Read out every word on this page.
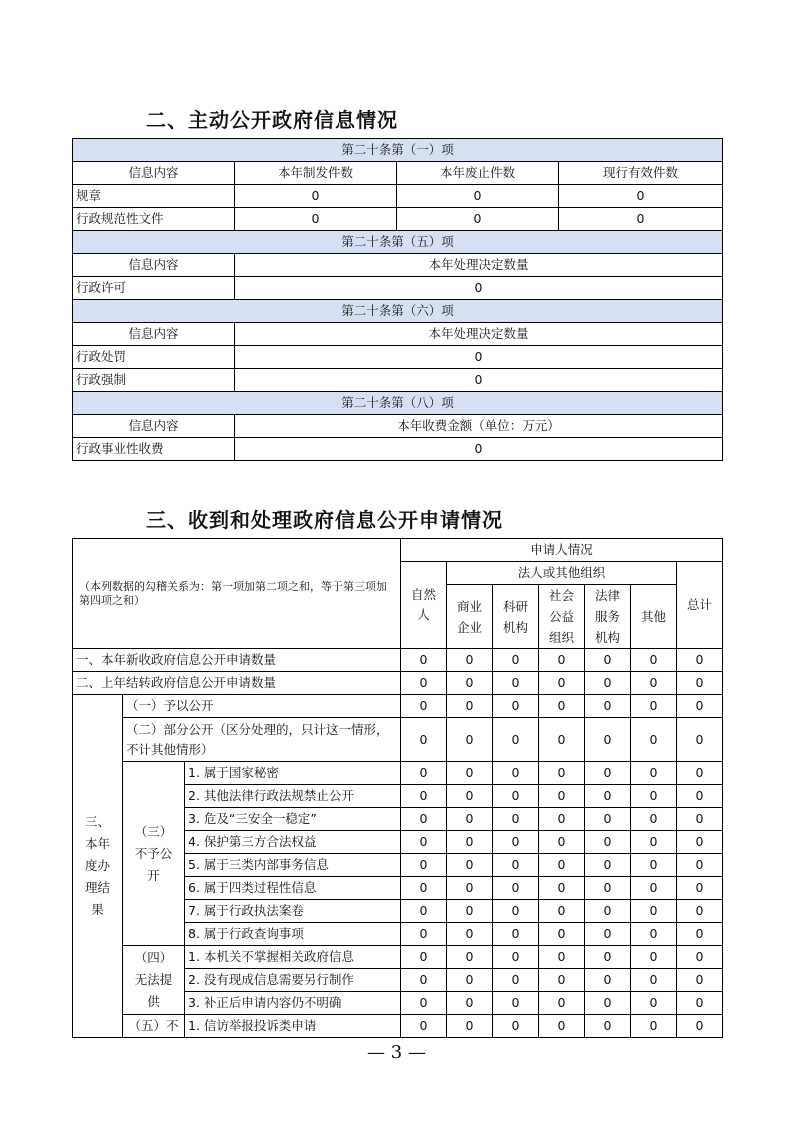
二、主动公开政府信息情况
第二十条第（一）项			
信息内容	本年制发件数	本年废止件数	现行有效件数
规章	0	0	0
行政规范性文件	0	0	0
第二十条第（五）项			
信息内容	本年处理决定数量		
行政许可	0		
第二十条第（六）项			
信息内容	本年处理决定数量		
行政处罚	0		
行政强制	0		
第二十条第（八）项			
信息内容	本年收费金额（单位：万元）		
行政事业性收费	0		
三、收到和处理政府信息公开申请情况
（本列数据的勾稽关系为：第一项加第二项之和，等于第三项加第四项之和）			申请人情况						
			自然人	法人或其他组织					总计
				商业企业	科研机构	社会公益组织	法律服务机构	其他	
一、本年新收政府信息公开申请数量			0	0	0	0	0	0	0
二、上年结转政府信息公开申请数量			0	0	0	0	0	0	0
三、本年度办理结果	（一）予以公开		0	0	0	0	0	0	0
	（二）部分公开（区分处理的，只计这一情形，不计其他情形）		0	0	0	0	0	0	0
	（三）不予公开	1. 属于国家秘密	0	0	0	0	0	0	0
		2. 其他法律行政法规禁止公开	0	0	0	0	0	0	0
		3. 危及“三安全一稳定”	0	0	0	0	0	0	0
		4. 保护第三方合法权益	0	0	0	0	0	0	0
		5. 属于三类内部事务信息	0	0	0	0	0	0	0
		6. 属于四类过程性信息	0	0	0	0	0	0	0
		7. 属于行政执法案卷	0	0	0	0	0	0	0
		8. 属于行政查询事项	0	0	0	0	0	0	0
	（四）无法提供	1. 本机关不掌握相关政府信息	0	0	0	0	0	0	0
		2. 没有现成信息需要另行制作	0	0	0	0	0	0	0
		3. 补正后申请内容仍不明确	0	0	0	0	0	0	0
	（五）不	1. 信访举报投诉类申请	0	0	0	0	0	0	0
— 3 —
